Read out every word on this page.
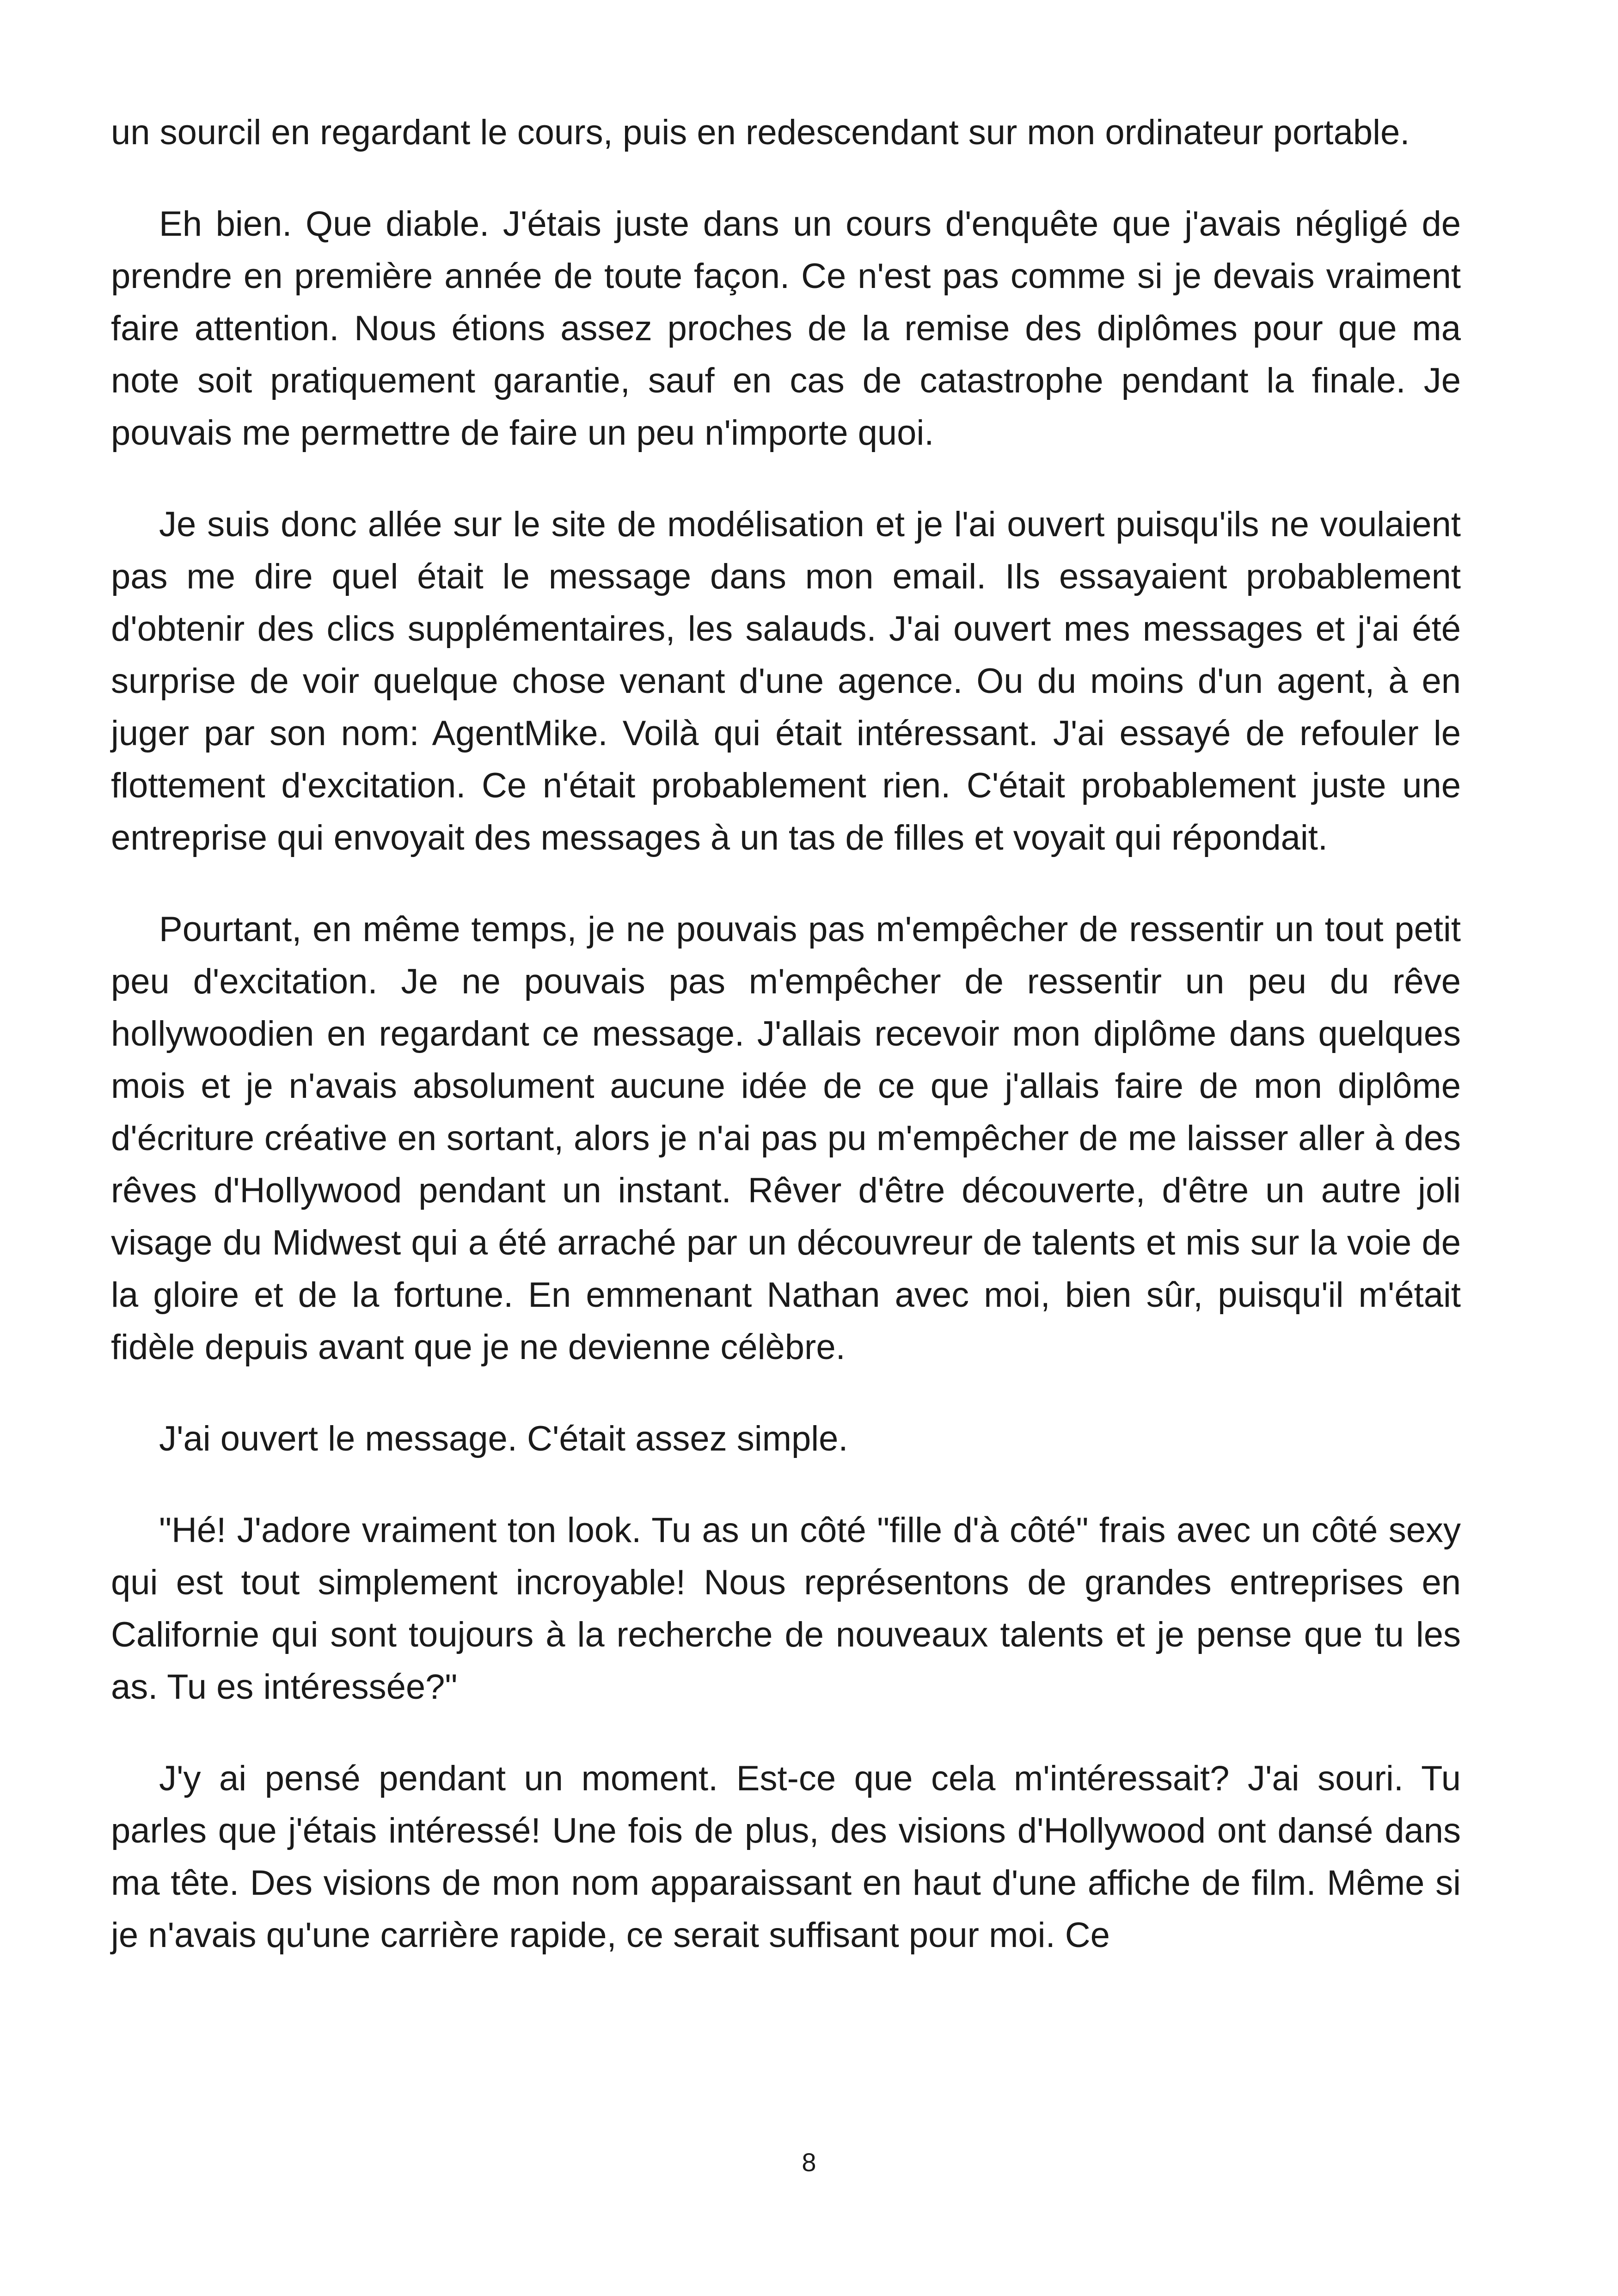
un sourcil en regardant le cours, puis en redescendant sur mon ordinateur portable.

Eh bien. Que diable. J'étais juste dans un cours d'enquête que j'avais négligé de prendre en première année de toute façon. Ce n'est pas comme si je devais vraiment faire attention. Nous étions assez proches de la remise des diplômes pour que ma note soit pratiquement garantie, sauf en cas de catastrophe pendant la finale. Je pouvais me permettre de faire un peu n'importe quoi.

Je suis donc allée sur le site de modélisation et je l'ai ouvert puisqu'ils ne voulaient pas me dire quel était le message dans mon email. Ils essayaient probablement d'obtenir des clics supplémentaires, les salauds. J'ai ouvert mes messages et j'ai été surprise de voir quelque chose venant d'une agence. Ou du moins d'un agent, à en juger par son nom: AgentMike. Voilà qui était intéressant. J'ai essayé de refouler le flottement d'excitation. Ce n'était probablement rien. C'était probablement juste une entreprise qui envoyait des messages à un tas de filles et voyait qui répondait.

Pourtant, en même temps, je ne pouvais pas m'empêcher de ressentir un tout petit peu d'excitation. Je ne pouvais pas m'empêcher de ressentir un peu du rêve hollywoodien en regardant ce message. J'allais recevoir mon diplôme dans quelques mois et je n'avais absolument aucune idée de ce que j'allais faire de mon diplôme d'écriture créative en sortant, alors je n'ai pas pu m'empêcher de me laisser aller à des rêves d'Hollywood pendant un instant. Rêver d'être découverte, d'être un autre joli visage du Midwest qui a été arraché par un découvreur de talents et mis sur la voie de la gloire et de la fortune. En emmenant Nathan avec moi, bien sûr, puisqu'il m'était fidèle depuis avant que je ne devienne célèbre.

J'ai ouvert le message. C'était assez simple.

"Hé! J'adore vraiment ton look. Tu as un côté "fille d'à côté" frais avec un côté sexy qui est tout simplement incroyable! Nous représentons de grandes entreprises en Californie qui sont toujours à la recherche de nouveaux talents et je pense que tu les as. Tu es intéressée?"

J'y ai pensé pendant un moment. Est-ce que cela m'intéressait? J'ai souri. Tu parles que j'étais intéressé! Une fois de plus, des visions d'Hollywood ont dansé dans ma tête. Des visions de mon nom apparaissant en haut d'une affiche de film. Même si je n'avais qu'une carrière rapide, ce serait suffisant pour moi. Ce

8
